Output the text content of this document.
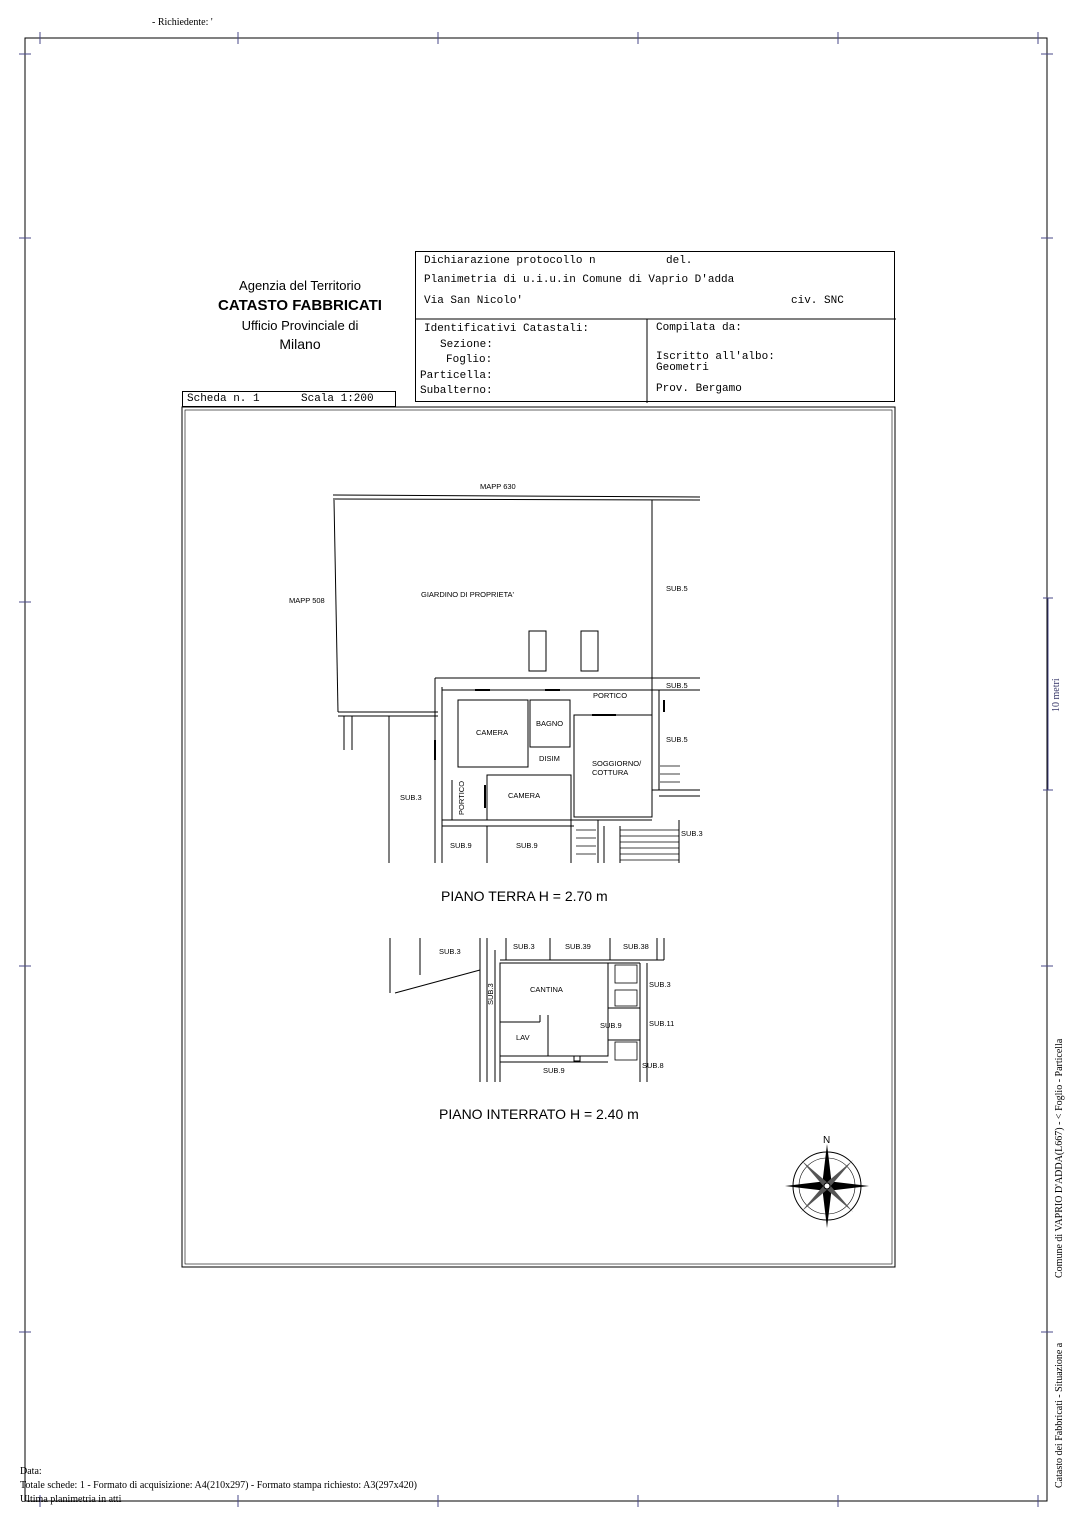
- Richiedente: '
Agenzia del Territorio
CATASTO FABBRICATI
Ufficio Provinciale di
Milano
Dichiarazione protocollo n	del.
Planimetria di u.i.u.in Comune di Vaprio D'adda
Via San Nicolo'	civ. SNC
Identificativi Catastali:
Sezione:
Foglio:
Particella:
Subalterno:
Compilata da:
Iscritto all'albo:
Geometri
Prov. Bergamo
Scheda n. 1	Scala 1:200
MAPP 630
MAPP 508
GIARDINO DI PROPRIETA'
SUB.5
SUB.5
SUB.5
PORTICO
BAGNO
CAMERA
DISIM
SOGGIORNO/
COTTURA
CAMERA
PORTICO
SUB.3
SUB.3
SUB.9	SUB.9
SUB.3
SUB.3	SUB.39	SUB.38
SUB.3
SUB.3	CANTINA
SUB.9	SUB.11
LAV
SUB.8
SUB.9
PIANO TERRA H = 2.70 m
PIANO INTERRATO H = 2.40 m
N
10 metri
Comune di VAPRIO D'ADDA(L667) - < Foglio - Particella
Catasto dei Fabbricati - Situazione a
Data:
Totale schede: 1 - Formato di acquisizione: A4(210x297) - Formato stampa richiesto: A3(297x420)
Ultima planimetria in atti
